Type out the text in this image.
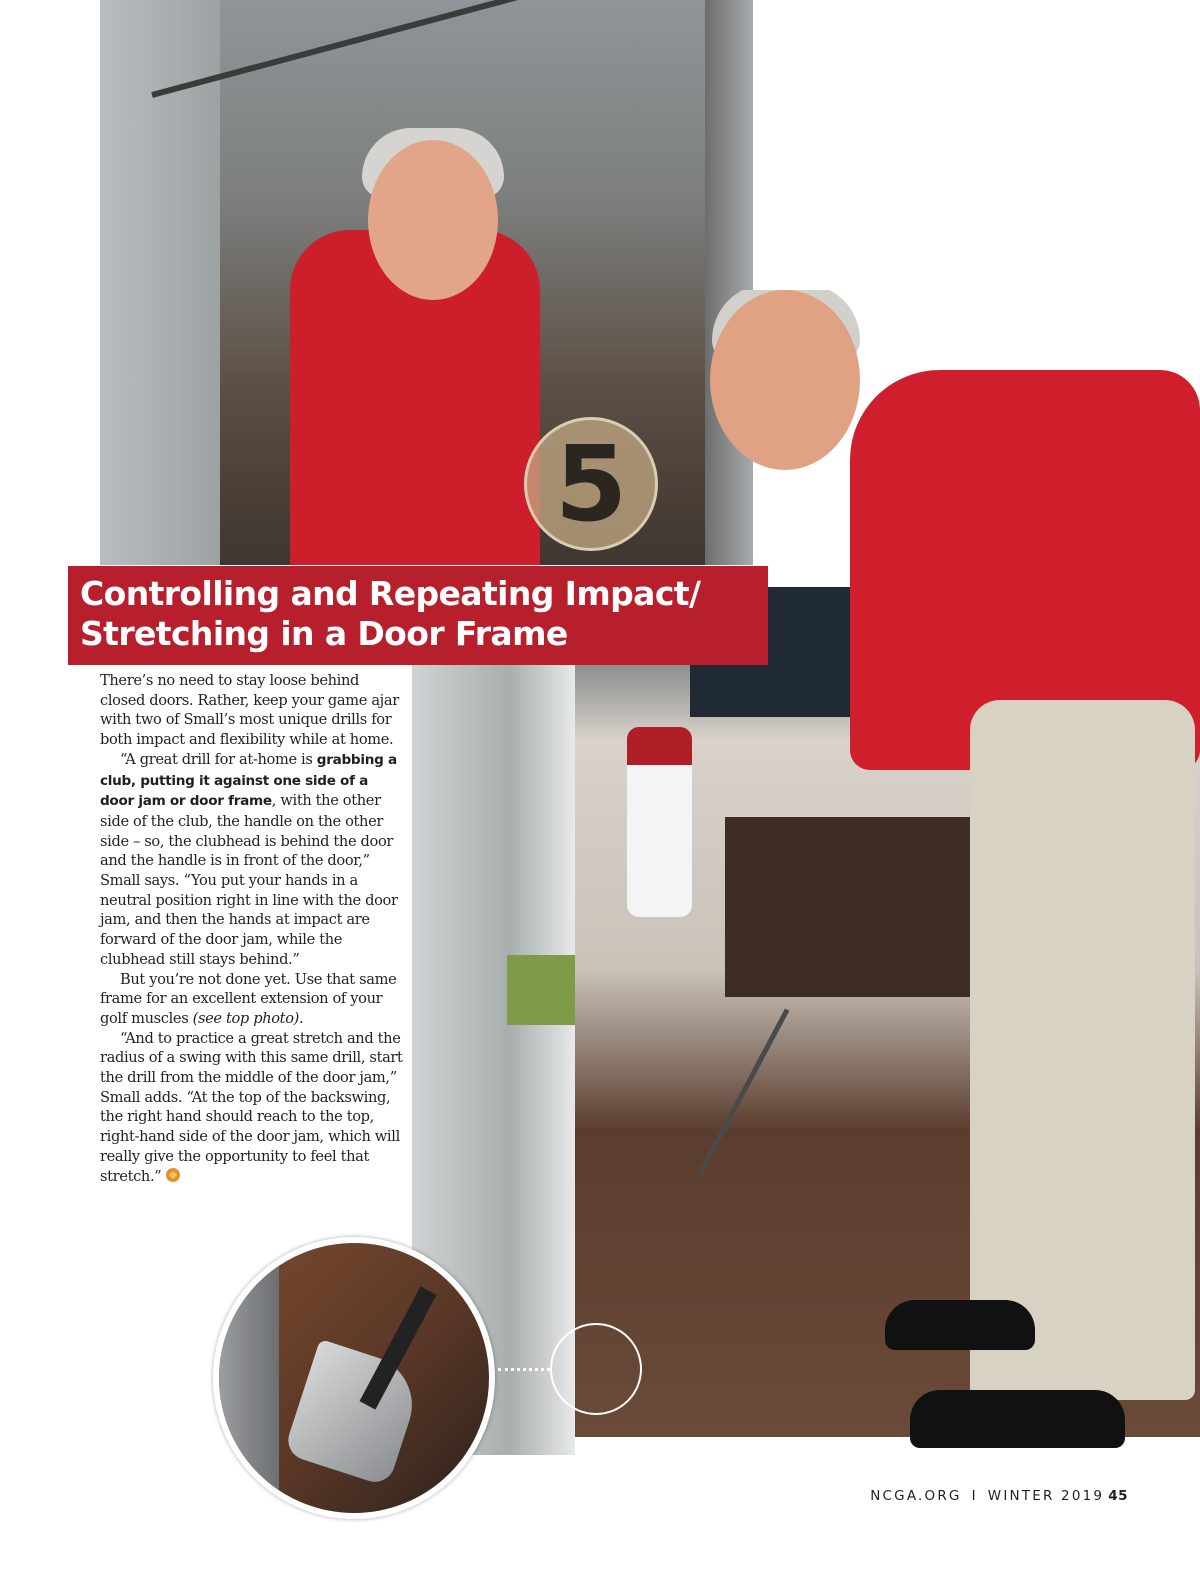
5
Controlling and Repeating Impact/
Stretching in a Door Frame

There’s no need to stay loose behind closed doors. Rather, keep your game ajar with two of Small’s most unique drills for both impact and flexibility while at home.

“A great drill for at-home is grabbing a club, putting it against one side of a door jam or door frame, with the other side of the club, the handle on the other side – so, the clubhead is behind the door and the handle is in front of the door,” Small says. “You put your hands in a neutral position right in line with the door jam, and then the hands at impact are forward of the door jam, while the clubhead still stays behind.”

But you’re not done yet. Use that same frame for an excellent extension of your golf muscles (see top photo).

“And to practice a great stretch and the radius of a swing with this same drill, start the drill from the middle of the door jam,” Small adds. “At the top of the backswing, the right hand should reach to the top, right-hand side of the door jam, which will really give the opportunity to feel that stretch.”

NCGA.ORG I WINTER 2019 45
